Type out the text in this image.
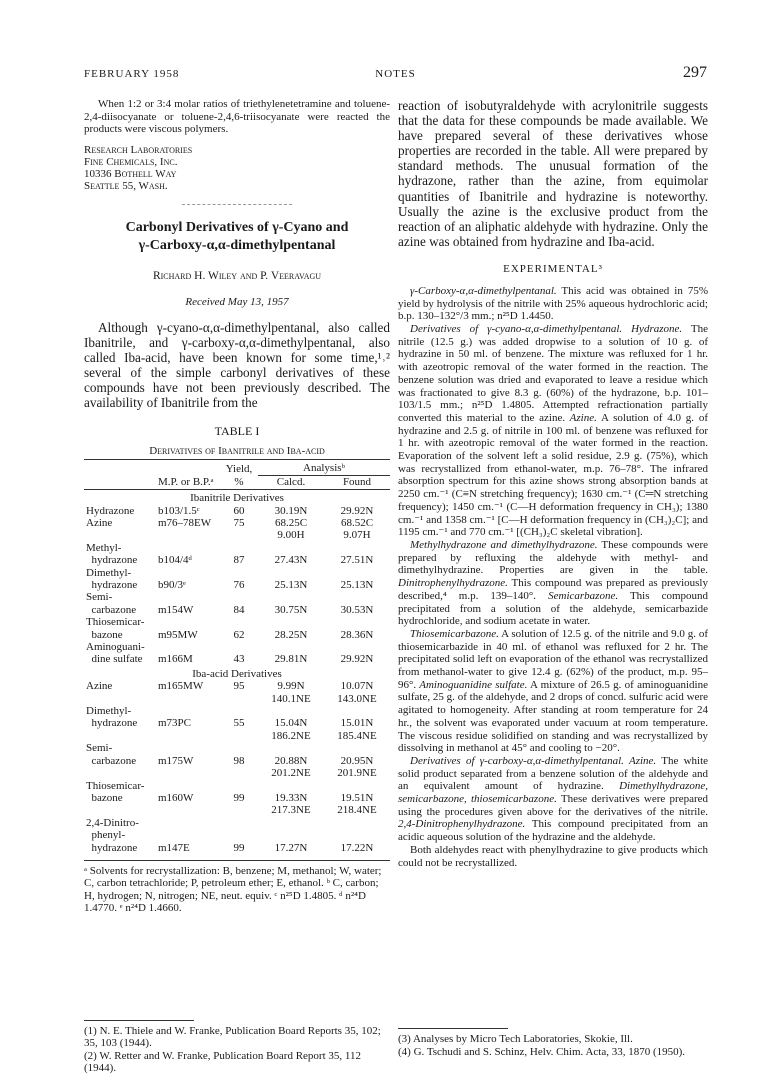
FEBRUARY 1958	NOTES	297

When 1:2 or 3:4 molar ratios of triethylenetetramine and toluene-2,4-diisocyanate or toluene-2,4,6-triisocyanate were reacted the products were viscous polymers.

Research Laboratories
Fine Chemicals, Inc.
10336 Bothell Way
Seattle 55, Wash.
Carbonyl Derivatives of γ-Cyano and
γ-Carboxy-α,α-dimethylpentanal
Richard H. Wiley and P. Veeravagu
Received May 13, 1957

Although γ-cyano-α,α-dimethylpentanal, also called Ibanitrile, and γ-carboxy-α,α-dimethylpentanal, also called Iba-acid, have been known for some time,¹˒² several of the simple carbonyl derivatives of these compounds have not been previously described. The availability of Ibanitrile from the

TABLE I
Derivatives of Ibanitrile and Iba-acid
		Yield,	Analysisᵇ	
	M.P. or B.P.ᵃ	%	Calcd.	Found
Ibanitrile Derivatives				
Hydrazone	b103/1.5ᶜ	60	30.19N	29.92N
Azine	m76–78EW	75	68.25C	68.52C
			9.00H	9.07H
Methyl-				
hydrazone	b104/4ᵈ	87	27.43N	27.51N
Dimethyl-				
hydrazone	b90/3ᵉ	76	25.13N	25.13N
Semi-				
carbazone	m154W	84	30.75N	30.53N
Thiosemicar-				
bazone	m95MW	62	28.25N	28.36N
Aminoguani-				
dine sulfate	m166M	43	29.81N	29.92N
Iba-acid Derivatives				
Azine	m165MW	95	9.99N	10.07N
			140.1NE	143.0NE
Dimethyl-				
hydrazone	m73PC	55	15.04N	15.01N
			186.2NE	185.4NE
Semi-				
carbazone	m175W	98	20.88N	20.95N
			201.2NE	201.9NE
Thiosemicar-				
bazone	m160W	99	19.33N	19.51N
			217.3NE	218.4NE
2,4-Dinitro-				
phenyl-				
hydrazone	m147E	99	17.27N	17.22N
ᵃ Solvents for recrystallization: B, benzene; M, methanol; W, water; C, carbon tetrachloride; P, petroleum ether; E, ethanol. ᵇ C, carbon; H, hydrogen; N, nitrogen; NE, neut. equiv. ᶜ n²⁵D 1.4805. ᵈ n²⁴D 1.4770. ᵉ n²⁴D 1.4660.

(1) N. E. Thiele and W. Franke, Publication Board Reports 35, 102; 35, 103 (1944).

(2) W. Retter and W. Franke, Publication Board Report 35, 112 (1944).

reaction of isobutyraldehyde with acrylonitrile suggests that the data for these compounds be made available. We have prepared several of these derivatives whose properties are recorded in the table. All were prepared by standard methods. The unusual formation of the hydrazone, rather than the azine, from equimolar quantities of Ibanitrile and hydrazine is noteworthy. Usually the azine is the exclusive product from the reaction of an aliphatic aldehyde with hydrazine. Only the azine was obtained from hydrazine and Iba-acid.

EXPERIMENTAL³

γ-Carboxy-α,α-dimethylpentanal. This acid was obtained in 75% yield by hydrolysis of the nitrile with 25% aqueous hydrochloric acid; b.p. 130–132°/3 mm.; n²⁵D 1.4450.

Derivatives of γ-cyano-α,α-dimethylpentanal. Hydrazone. The nitrile (12.5 g.) was added dropwise to a solution of 10 g. of hydrazine in 50 ml. of benzene. The mixture was refluxed for 1 hr. with azeotropic removal of the water formed in the reaction. The benzene solution was dried and evaporated to leave a residue which was fractionated to give 8.3 g. (60%) of the hydrazone, b.p. 101–103/1.5 mm.; n²⁵D 1.4805. Attempted refractionation partially converted this material to the azine. Azine. A solution of 4.0 g. of hydrazine and 2.5 g. of nitrile in 100 ml. of benzene was refluxed for 1 hr. with azeotropic removal of the water formed in the reaction. Evaporation of the solvent left a solid residue, 2.9 g. (75%), which was recrystallized from ethanol-water, m.p. 76–78°. The infrared absorption spectrum for this azine shows strong absorption bands at 2250 cm.⁻¹ (C≡N stretching frequency); 1630 cm.⁻¹ (C═N stretching frequency); 1450 cm.⁻¹ (C—H deformation frequency in CH₃); 1380 cm.⁻¹ and 1358 cm.⁻¹ [C—H deformation frequency in (CH₃)₂C]; and 1195 cm.⁻¹ and 770 cm.⁻¹ [(CH₃)₂C skeletal vibration].

Methylhydrazone and dimethylhydrazone. These compounds were prepared by refluxing the aldehyde with methyl- and dimethylhydrazine. Properties are given in the table. Dinitrophenylhydrazone. This compound was prepared as previously described,⁴ m.p. 139–140°. Semicarbazone. This compound precipitated from a solution of the aldehyde, semicarbazide hydrochloride, and sodium acetate in water.

Thiosemicarbazone. A solution of 12.5 g. of the nitrile and 9.0 g. of thiosemicarbazide in 40 ml. of ethanol was refluxed for 2 hr. The precipitated solid left on evaporation of the ethanol was recrystallized from methanol-water to give 12.4 g. (62%) of the product, m.p. 95–96°. Aminoguanidine sulfate. A mixture of 26.5 g. of aminoguanidine sulfate, 25 g. of the aldehyde, and 2 drops of concd. sulfuric acid were agitated to homogeneity. After standing at room temperature for 24 hr., the solvent was evaporated under vacuum at room temperature. The viscous residue solidified on standing and was recrystallized by dissolving in methanol at 45° and cooling to −20°.

Derivatives of γ-carboxy-α,α-dimethylpentanal. Azine. The white solid product separated from a benzene solution of the aldehyde and an equivalent amount of hydrazine. Dimethylhydrazone, semicarbazone, thiosemicarbazone. These derivatives were prepared using the procedures given above for the derivatives of the nitrile. 2,4-Dinitrophenylhydrazone. This compound precipitated from an acidic aqueous solution of the hydrazine and the aldehyde.

Both aldehydes react with phenylhydrazine to give products which could not be recrystallized.

(3) Analyses by Micro Tech Laboratories, Skokie, Ill.

(4) G. Tschudi and S. Schinz, Helv. Chim. Acta, 33, 1870 (1950).
